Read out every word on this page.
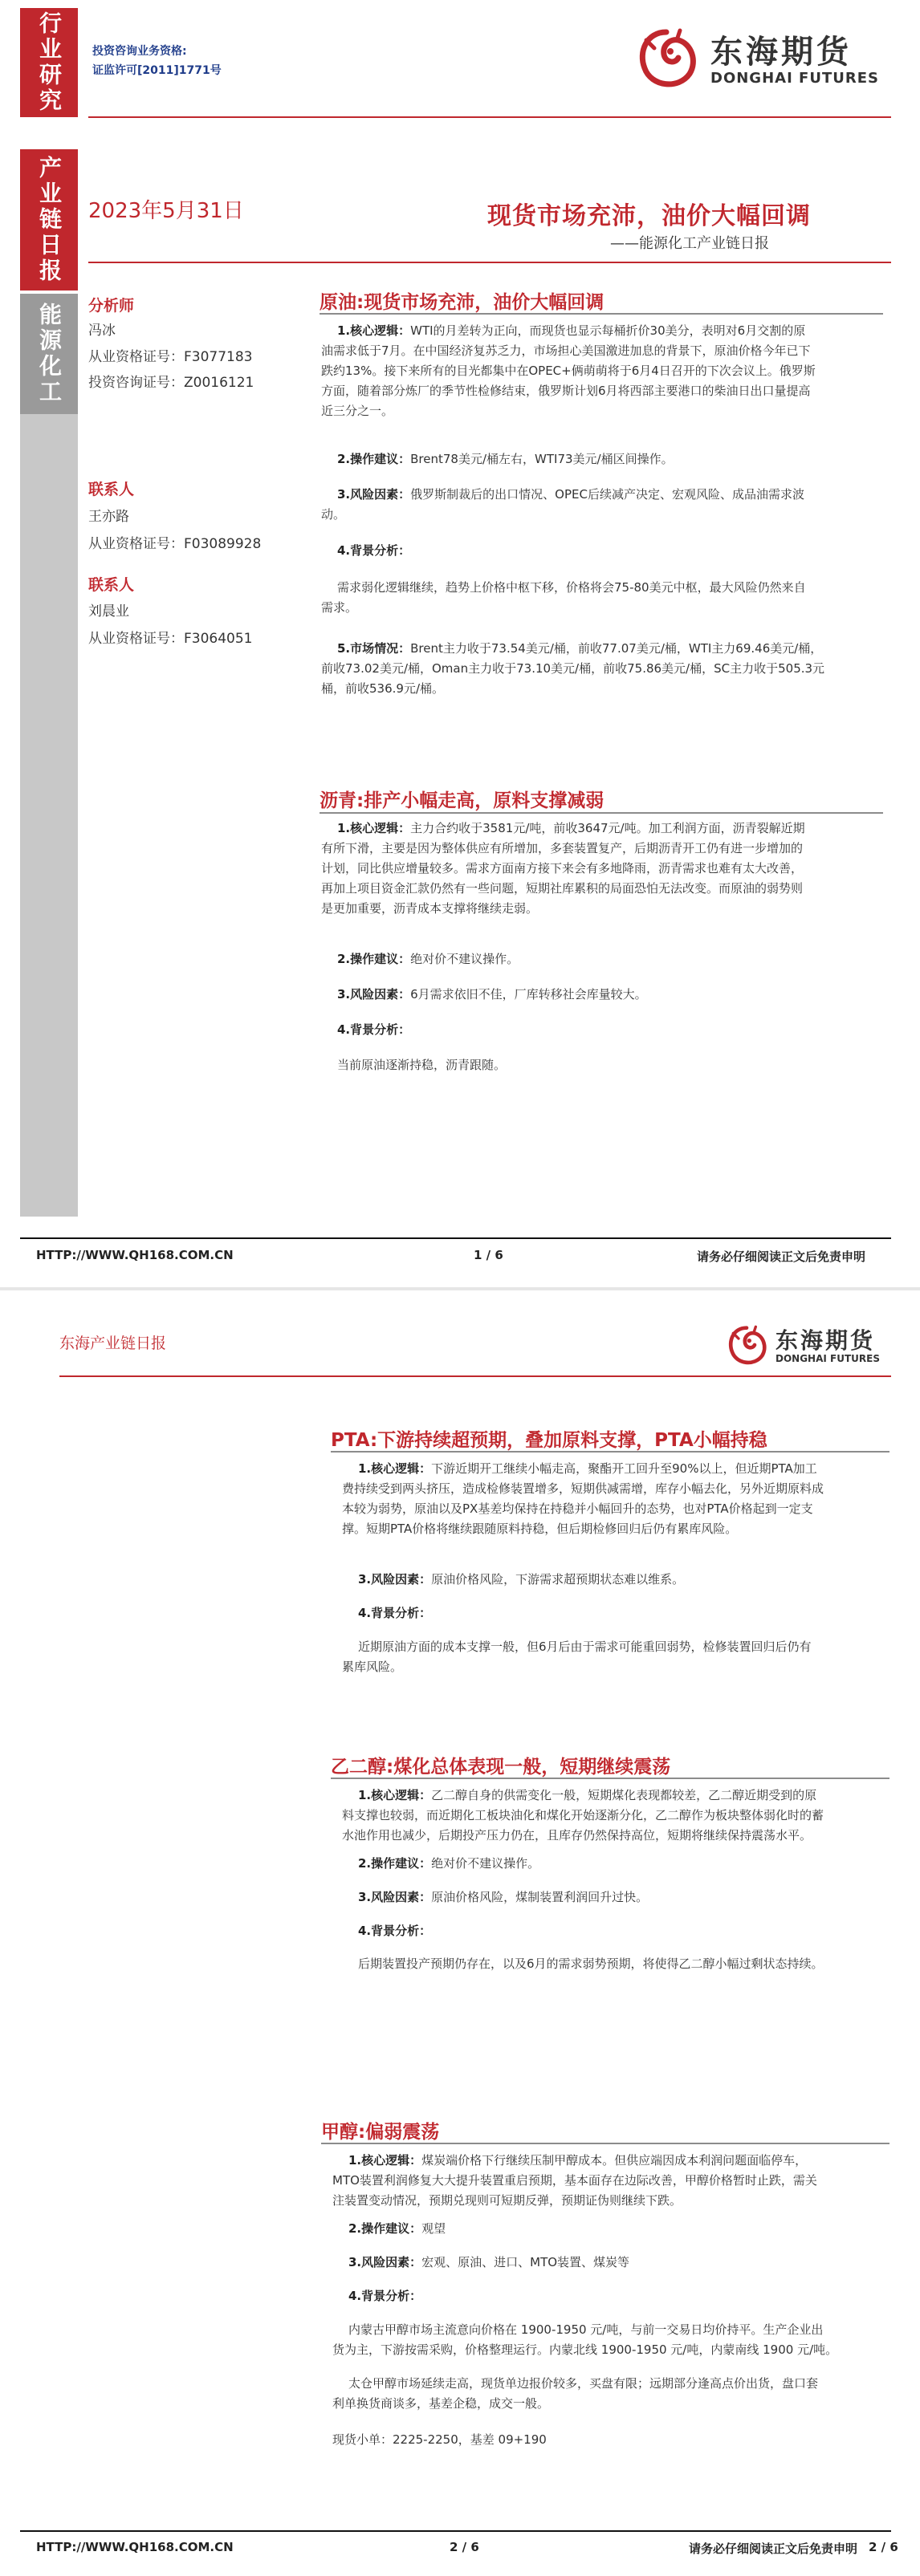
行业研究
产业链日报
能源化工
投资咨询业务资格:
证监许可[2011]1771号
东海期货
DONGHAI FUTURES
2023年5月31日	现货市场充沛，油价大幅回调
——能源化工产业链日报
分析师
冯冰
从业资格证号：F3077183
投资咨询证号：Z0016121
联系人
王亦路
从业资格证号：F03089928
联系人
刘晨业
从业资格证号：F3064051
原油:现货市场充沛，油价大幅回调
1.核心逻辑：WTI的月差转为正向，而现货也显示每桶折价30美分，表明对6月交割的原
油需求低于7月。在中国经济复苏乏力，市场担心美国激进加息的背景下，原油价格今年已下
跌约13%。接下来所有的目光都集中在OPEC+俩萌萌将于6月4日召开的下次会议上。俄罗斯
方面，随着部分炼厂的季节性检修结束，俄罗斯计划6月将西部主要港口的柴油日出口量提高
近三分之一。
2.操作建议：Brent78美元/桶左右，WTI73美元/桶区间操作。
3.风险因素：俄罗斯制裁后的出口情况、OPEC后续减产决定、宏观风险、成品油需求波
动。
4.背景分析：
需求弱化逻辑继续，趋势上价格中枢下移，价格将会75-80美元中枢，最大风险仍然来自
需求。
5.市场情况：Brent主力收于73.54美元/桶，前收77.07美元/桶，WTI主力69.46美元/桶，
前收73.02美元/桶，Oman主力收于73.10美元/桶，前收75.86美元/桶，SC主力收于505.3元
桶，前收536.9元/桶。
沥青:排产小幅走高，原料支撑减弱
1.核心逻辑：主力合约收于3581元/吨，前收3647元/吨。加工利润方面，沥青裂解近期
有所下滑，主要是因为整体供应有所增加，多套装置复产，后期沥青开工仍有进一步增加的
计划，同比供应增量较多。需求方面南方接下来会有多地降雨，沥青需求也难有太大改善，
再加上项目资金汇款仍然有一些问题，短期社库累积的局面恐怕无法改变。而原油的弱势则
是更加重要，沥青成本支撑将继续走弱。
2.操作建议：绝对价不建议操作。
3.风险因素：6月需求依旧不佳，厂库转移社会库量较大。
4.背景分析：
当前原油逐渐持稳，沥青跟随。
HTTP://WWW.QH168.COM.CN	1 / 6	请务必仔细阅读正文后免责申明
东海产业链日报	东海期货
DONGHAI FUTURES
PTA:下游持续超预期，叠加原料支撑，PTA小幅持稳
1.核心逻辑：下游近期开工继续小幅走高，聚酯开工回升至90%以上，但近期PTA加工
费持续受到两头挤压，造成检修装置增多，短期供减需增，库存小幅去化，另外近期原料成
本较为弱势，原油以及PX基差均保持在持稳并小幅回升的态势，也对PTA价格起到一定支
撑。短期PTA价格将继续跟随原料持稳，但后期检修回归后仍有累库风险。
3.风险因素：原油价格风险，下游需求超预期状态难以维系。
4.背景分析：
近期原油方面的成本支撑一般，但6月后由于需求可能重回弱势，检修装置回归后仍有
累库风险。
乙二醇:煤化总体表现一般，短期继续震荡
1.核心逻辑：乙二醇自身的供需变化一般，短期煤化表现都较差，乙二醇近期受到的原
料支撑也较弱，而近期化工板块油化和煤化开始逐渐分化，乙二醇作为板块整体弱化时的蓄
水池作用也减少，后期投产压力仍在，且库存仍然保持高位，短期将继续保持震荡水平。
2.操作建议：绝对价不建议操作。
3.风险因素：原油价格风险，煤制装置利润回升过快。
4.背景分析：
后期装置投产预期仍存在，以及6月的需求弱势预期，将使得乙二醇小幅过剩状态持续。
甲醇:偏弱震荡
1.核心逻辑：煤炭端价格下行继续压制甲醇成本。但供应端因成本利润问题面临停车，
MTO装置利润修复大大提升装置重启预期，基本面存在边际改善，甲醇价格暂时止跌，需关
注装置变动情况，预期兑现则可短期反弹，预期证伪则继续下跌。
2.操作建议：观望
3.风险因素：宏观、原油、进口、MTO装置、煤炭等
4.背景分析：
内蒙古甲醇市场主流意向价格在 1900-1950 元/吨，与前一交易日均价持平。生产企业出
货为主，下游按需采购，价格整理运行。内蒙北线 1900-1950 元/吨，内蒙南线 1900 元/吨。
太仓甲醇市场延续走高，现货单边报价较多，买盘有限；远期部分逢高点价出货，盘口套
利单换货商谈多，基差企稳，成交一般。
现货小单：2225-2250，基差 09+190
HTTP://WWW.QH168.COM.CN	2 / 6	请务必仔细阅读正文后免责申明 2 / 6
